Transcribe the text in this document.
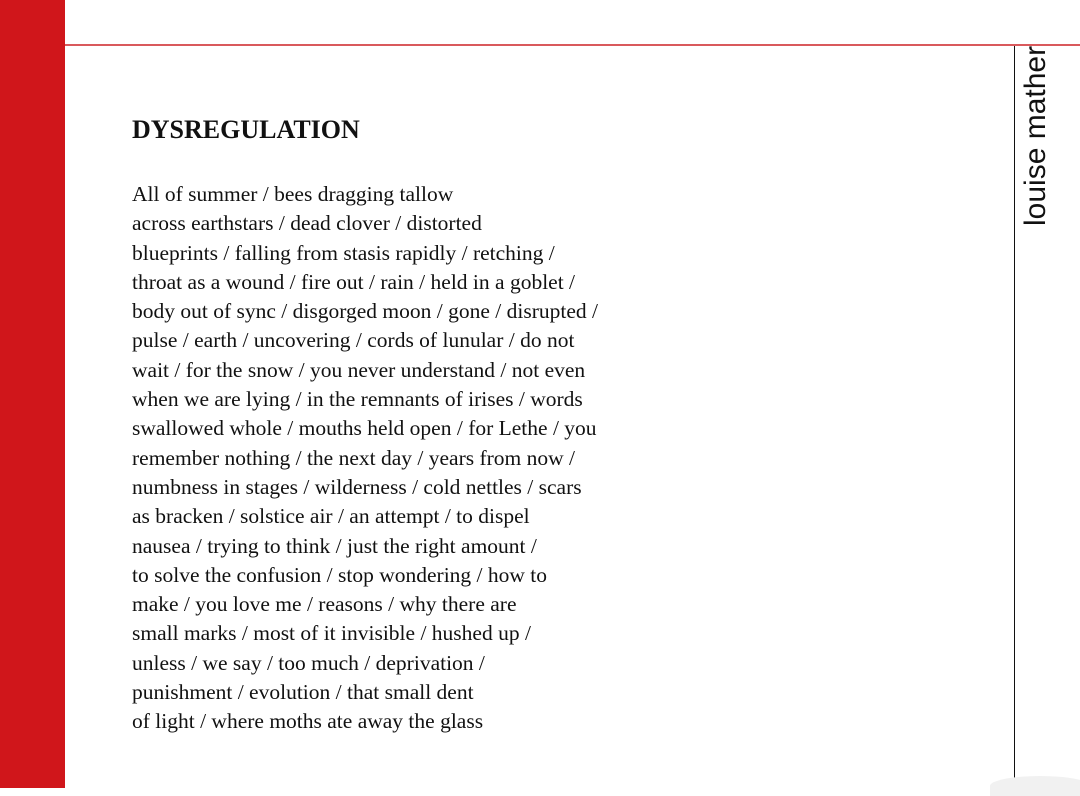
louise mather
DYSREGULATION
All of summer / bees dragging tallow
across earthstars / dead clover / distorted
blueprints / falling from stasis rapidly / retching /
throat as a wound / fire out / rain / held in a goblet /
body out of sync / disgorged moon / gone / disrupted /
pulse / earth / uncovering / cords of lunular / do not
wait / for the snow / you never understand / not even
when we are lying / in the remnants of irises / words
swallowed whole / mouths held open / for Lethe / you
remember nothing / the next day / years from now /
numbness in stages / wilderness / cold nettles / scars
as bracken / solstice air / an attempt / to dispel
nausea / trying to think / just the right amount /
to solve the confusion / stop wondering / how to
make / you love me / reasons / why there are
small marks / most of it invisible / hushed up /
unless / we say / too much / deprivation /
punishment / evolution / that small dent
of light / where moths ate away the glass
